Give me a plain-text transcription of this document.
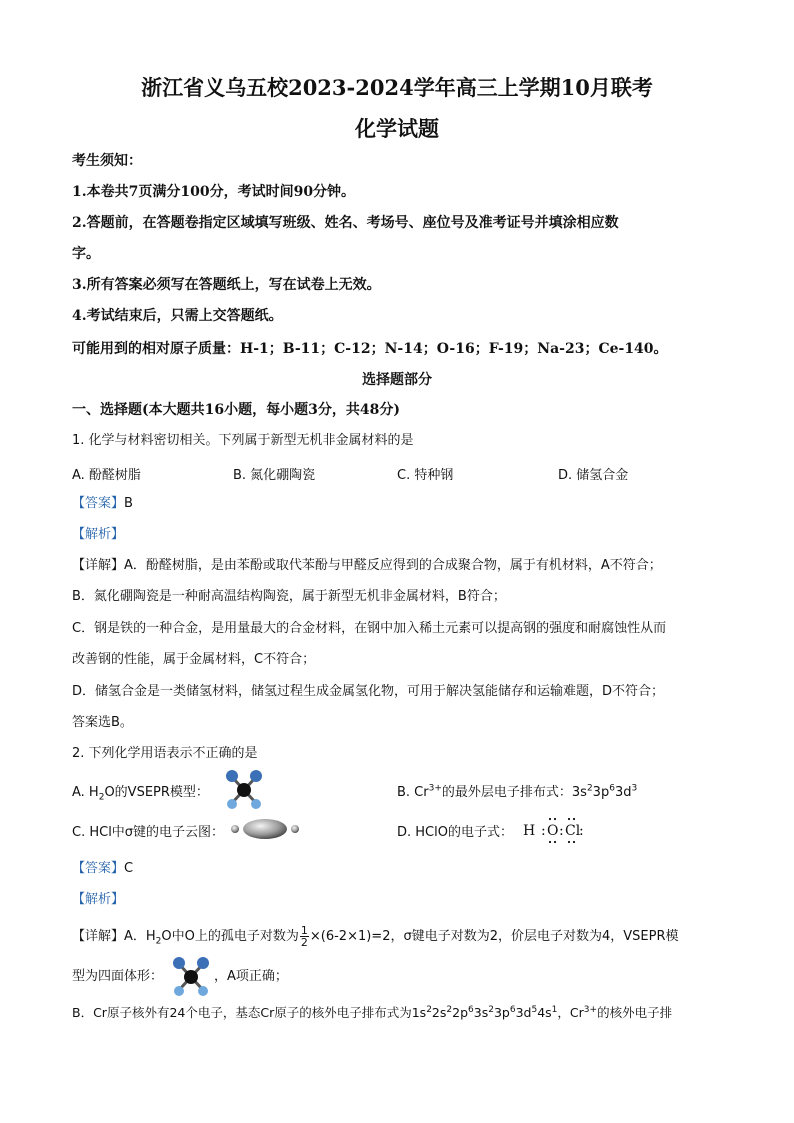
浙江省义乌五校2023-2024学年高三上学期10月联考
化学试题
考生须知：
1.本卷共7页满分100分，考试时间90分钟。
2.答题前，在答题卷指定区域填写班级、姓名、考场号、座位号及准考证号并填涂相应数
字。
3.所有答案必须写在答题纸上，写在试卷上无效。
4.考试结束后，只需上交答题纸。
可能用到的相对原子质量：H-1；B-11；C-12；N-14；O-16；F-19；Na-23；Ce-140。
选择题部分
一、选择题(本大题共16小题，每小题3分，共48分)
1. 化学与材料密切相关。下列属于新型无机非金属材料的是
A. 酚醛树脂	B. 氮化硼陶瓷	C. 特种钢	D. 储氢合金
【答案】B
【解析】
【详解】A．酚醛树脂，是由苯酚或取代苯酚与甲醛反应得到的合成聚合物，属于有机材料，A不符合；
B．氮化硼陶瓷是一种耐高温结构陶瓷，属于新型无机非金属材料，B符合；
C．钢是铁的一种合金，是用量最大的合金材料，在钢中加入稀土元素可以提高钢的强度和耐腐蚀性从而
改善钢的性能，属于金属材料，C不符合；
D．储氢合金是一类储氢材料，储氢过程生成金属氢化物，可用于解决氢能储存和运输难题，D不符合；
答案选B。
2. 下列化学用语表示不正确的是
A. $H_2O$的VSEPR模型：	B. $Cr^{3+}$的最外层电子排布式：$3s^23p^63d^3$
C. HCl中σ键的电子云图：	D. HClO的电子式： H : O : Cl
:
【答案】C
【解析】
【详解】A．$H_2O$中O上的孤电子对数为 $\frac{1}{2} \times(6-2\times 1)=2$，σ键电子对数为2，价层电子对数为4，VSEPR模
型为四面体形：	，A项正确；
B．Cr原子核外有24个电子，基态Cr原子的核外电子排布式为$1s^22s^22p^63s^23p^63d^54s^1$，$Cr^{3+}$的核外电子排
